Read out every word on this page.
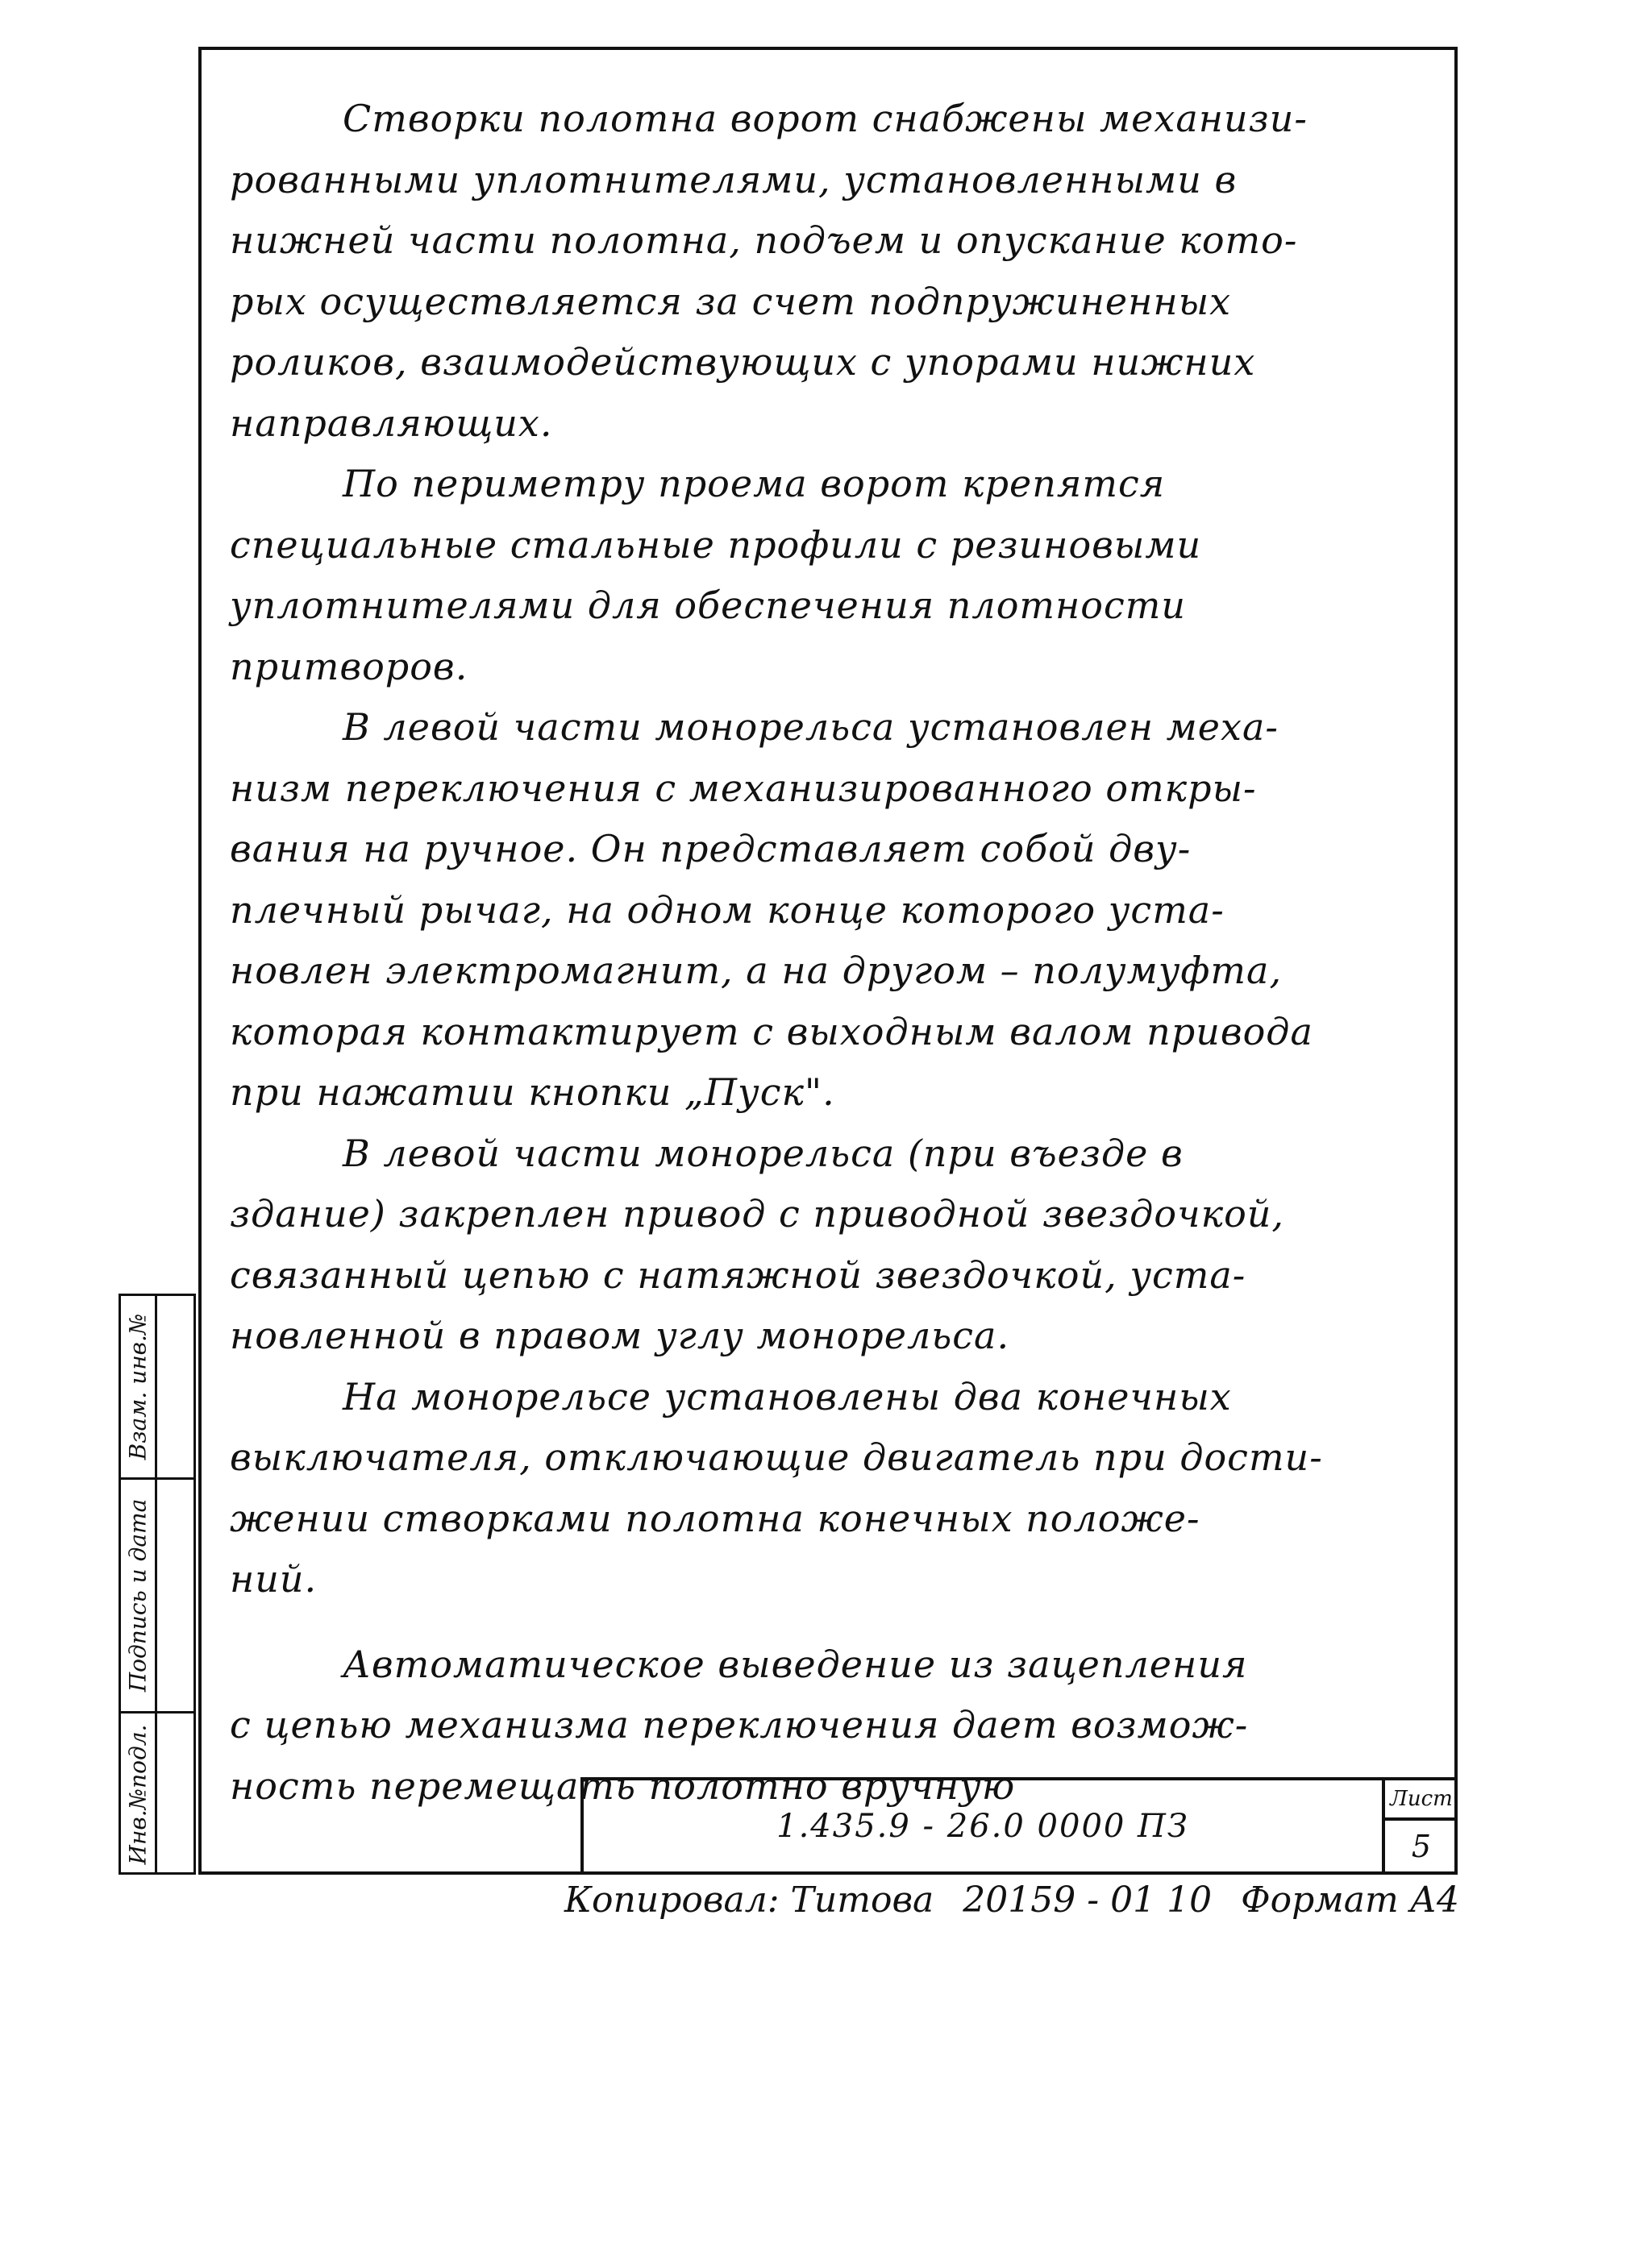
Створки полотна ворот снабжены механизи-
рованными уплотнителями, установленными в
нижней части полотна, подъем и опускание кото-
рых осуществляется за счет подпружиненных
роликов, взаимодействующих с упорами нижних
направляющих.

По периметру проема ворот крепятся
специальные стальные профили с резиновыми
уплотнителями для обеспечения плотности
притворов.

В левой части монорельса установлен меха-
низм переключения с механизированного откры-
вания на ручное. Он представляет собой дву-
плечный рычаг, на одном конце которого уста-
новлен электромагнит, а на другом – полумуфта,
которая контактирует с выходным валом привода
при нажатии кнопки „Пуск".

В левой части монорельса (при въезде в
здание) закреплен привод с приводной звездочкой,
связанный цепью с натяжной звездочкой, уста-
новленной в правом углу монорельса.

На монорельсе установлены два конечных
выключателя, отключающие двигатель при дости-
жении створками полотна конечных положе-
ний.

Автоматическое выведение из зацепления
с цепью механизма переключения дает возмож-
ность перемещать полотно вручную

Взам. инв.№
Подпись и дата
Инв.№подл.	1.435.9 - 26.0 0000 ПЗ
Лист
5
Копировал: Титова 20159 - 01 10 Формат А4
